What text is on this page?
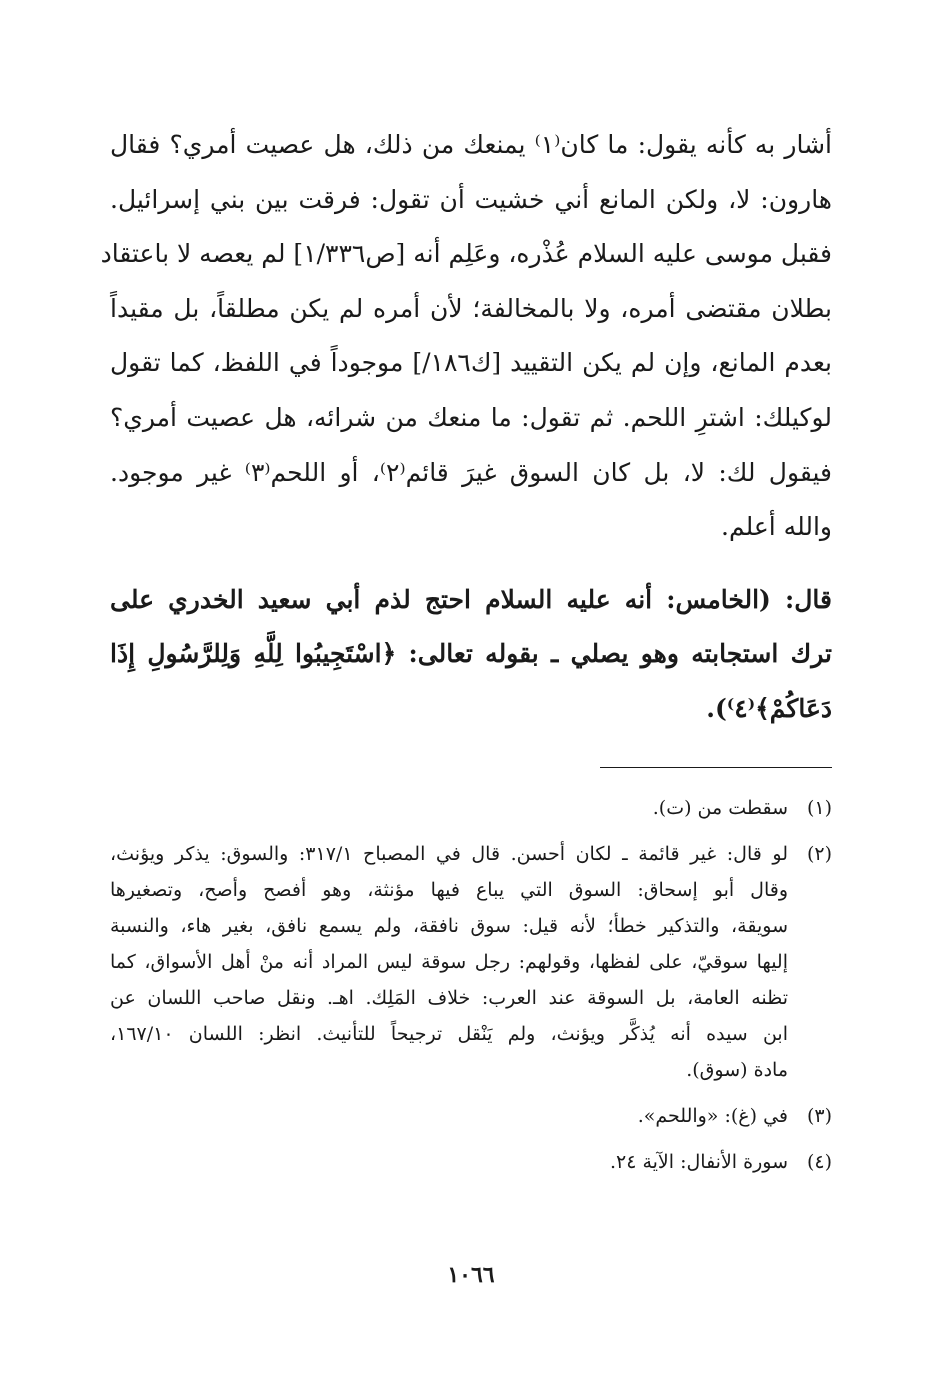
أشار به كأنه يقول: ما كان⁽١⁾ يمنعك من ذلك، هل عصيت أمري؟ فقال
هارون: لا، ولكن المانع أني خشيت أن تقول: فرقت بين بني إسرائيل.
فقبل موسى عليه السلام عُذْره، وعَلِم أنه [ص١/٣٣٦] لم يعصه لا باعتقاد
بطلان مقتضى أمره، ولا بالمخالفة؛ لأن أمره لم يكن مطلقاً، بل مقيداً
بعدم المانع، وإن لم يكن التقييد [ك١٨٦/] موجوداً في اللفظ، كما تقول
لوكيلك: اشترِ اللحم. ثم تقول: ما منعك من شرائه، هل عصيت أمري؟
فيقول لك: لا، بل كان السوق غيرَ قائم⁽٢⁾، أو اللحم⁽٣⁾ غير موجود.
والله أعلم.
قال: (الخامس: أنه عليه السلام احتج لذم أبي سعيد الخدري على
ترك استجابته وهو يصلي ـ بقوله تعالى: ﴿اسْتَجِيبُوا لِلَّهِ وَلِلرَّسُولِ إِذَا
دَعَاكُمْ﴾⁽٤⁾).
(١)
سقطت من (ت).
(٢)
لو قال: غير قائمة ـ لكان أحسن. قال في المصباح ٣١٧/١: والسوق: يذكر ويؤنث،
وقال أبو إسحاق: السوق التي يباع فيها مؤنثة، وهو أفصح وأصح، وتصغيرها
سويقة، والتذكير خطأ؛ لأنه قيل: سوق نافقة، ولم يسمع نافق، بغير هاء، والنسبة
إليها سوقيّ، على لفظها، وقولهم: رجل سوقة ليس المراد أنه منْ أهل الأسواق، كما
تظنه العامة، بل السوقة عند العرب: خلاف المَلِك. اهـ. ونقل صاحب اللسان عن
ابن سيده أنه يُذكَّر ويؤنث، ولم يَنْقل ترجيحاً للتأنيث. انظر: اللسان ١٦٧/١٠،
مادة (سوق).
(٣)
في (غ): «واللحم».
(٤)
سورة الأنفال: الآية ٢٤.
١٠٦٦
